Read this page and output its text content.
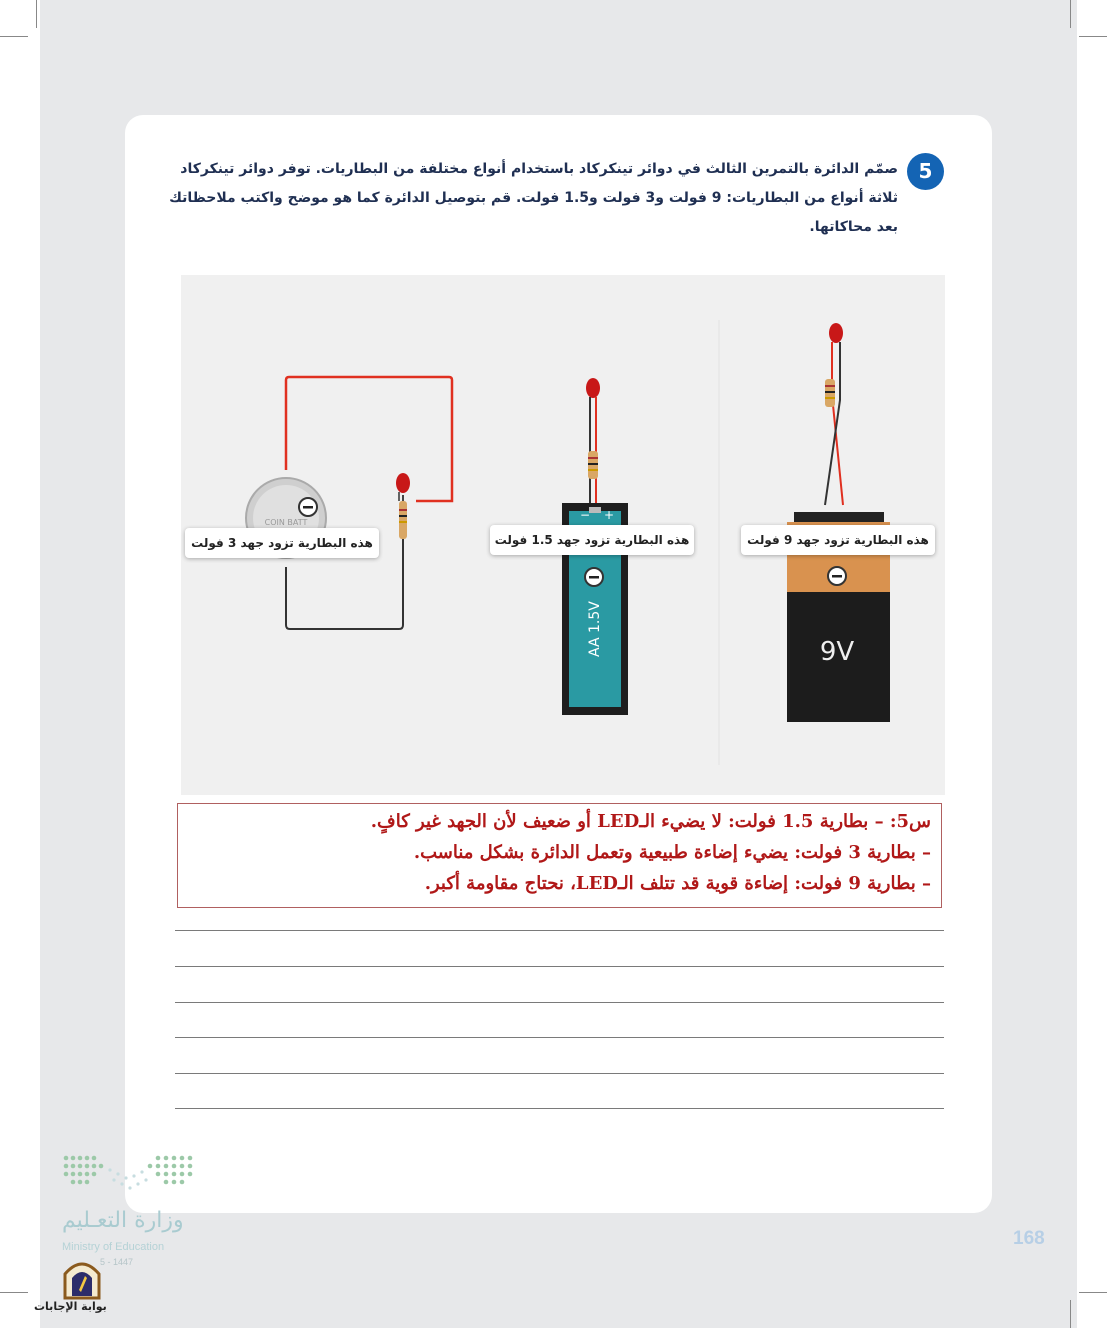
5
صمّم الدائرة بالتمرين الثالث في دوائر تينكركاد باستخدام أنواع مختلفة من البطاريات. توفر دوائر تينكركاد ثلاثة أنواع من البطاريات: 9 فولت و3 فولت و1.5 فولت. قم بتوصيل الدائرة كما هو موضح واكتب ملاحظاتك بعد محاكاتها.
COIN BATT
− +
AA 1.5V	9V
هذه البطارية تزود جهد 3 فولت	هذه البطارية تزود جهد 1.5 فولت	هذه البطارية تزود جهد 9 فولت
س5: – بطارية 1.5 فولت: لا يضيء الـLED أو ضعيف لأن الجهد غير كافٍ.
– بطارية 3 فولت: يضيء إضاءة طبيعية وتعمل الدائرة بشكل مناسب.
– بطارية 9 فولت: إضاءة قوية قد تتلف الـLED، نحتاج مقاومة أكبر.
وزارة التعـليم
Ministry of Education
5 - 1447
168
بوابة الإجابات
